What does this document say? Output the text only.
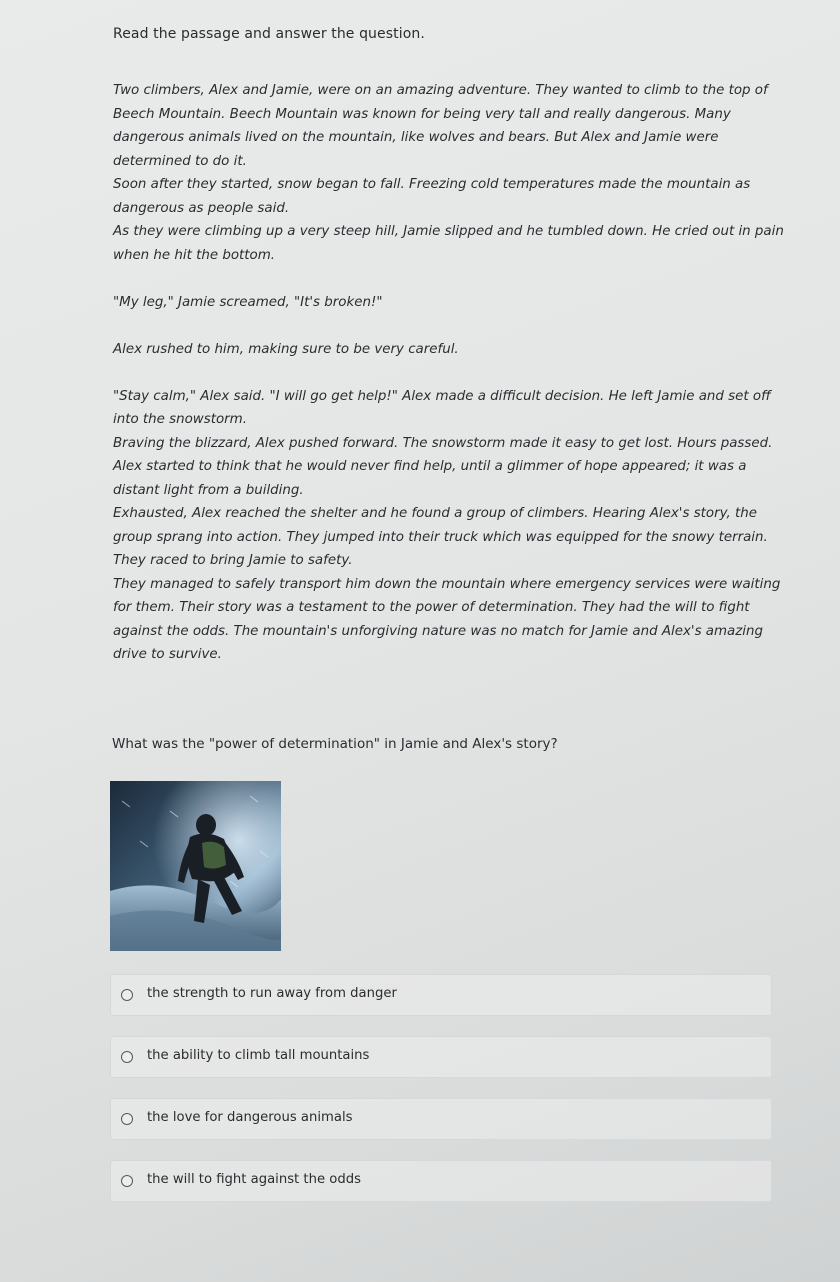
Read the passage and answer the question.

Two climbers, Alex and Jamie, were on an amazing adventure. They wanted to climb to the top of Beech Mountain. Beech Mountain was known for being very tall and really dangerous. Many dangerous animals lived on the mountain, like wolves and bears. But Alex and Jamie were determined to do it.

Soon after they started, snow began to fall. Freezing cold temperatures made the mountain as dangerous as people said.

As they were climbing up a very steep hill, Jamie slipped and he tumbled down. He cried out in pain when he hit the bottom.

"My leg," Jamie screamed, "It's broken!"

Alex rushed to him, making sure to be very careful.

"Stay calm," Alex said. "I will go get help!" Alex made a difficult decision. He left Jamie and set off into the snowstorm.

Braving the blizzard, Alex pushed forward. The snowstorm made it easy to get lost. Hours passed. Alex started to think that he would never find help, until a glimmer of hope appeared; it was a distant light from a building.

Exhausted, Alex reached the shelter and he found a group of climbers. Hearing Alex's story, the group sprang into action. They jumped into their truck which was equipped for the snowy terrain. They raced to bring Jamie to safety.

They managed to safely transport him down the mountain where emergency services were waiting for them. Their story was a testament to the power of determination. They had the will to fight against the odds. The mountain's unforgiving nature was no match for Jamie and Alex's amazing drive to survive.

What was the "power of determination" in Jamie and Alex's story?
the strength to run away from danger
the ability to climb tall mountains
the love for dangerous animals
the will to fight against the odds
